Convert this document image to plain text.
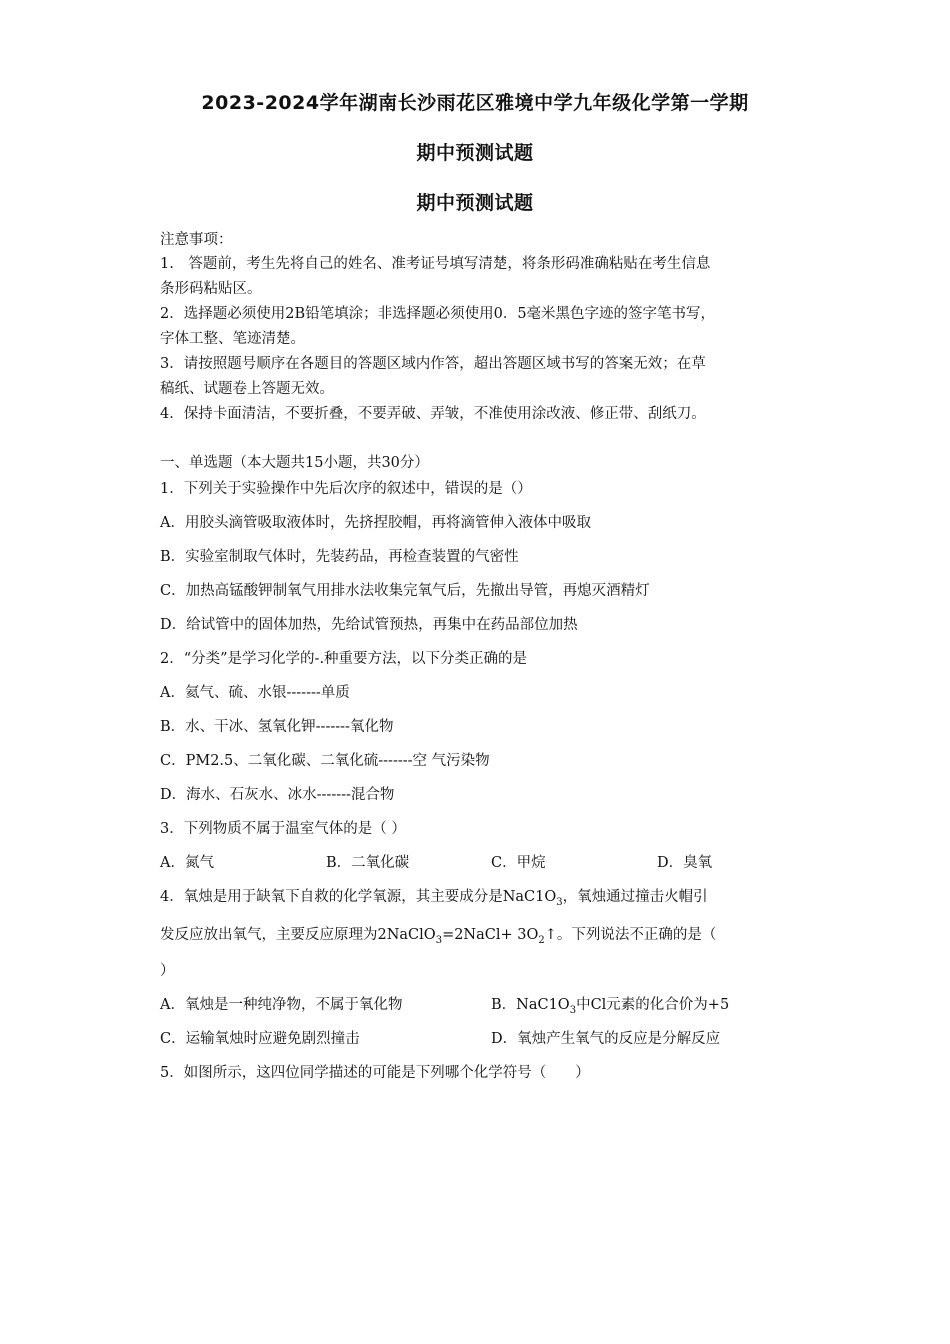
2023-2024学年湖南长沙雨花区雅境中学九年级化学第一学期
期中预测试题
期中预测试题
注意事项：
1.　答题前，考生先将自己的姓名、准考证号填写清楚，将条形码准确粘贴在考生信息
条形码粘贴区。
2．选择题必须使用2B铅笔填涂；非选择题必须使用0．5毫米黑色字迹的签字笔书写，
字体工整、笔迹清楚。
3．请按照题号顺序在各题目的答题区域内作答，超出答题区域书写的答案无效；在草
稿纸、试题卷上答题无效。
4．保持卡面清洁，不要折叠，不要弄破、弄皱，不准使用涂改液、修正带、刮纸刀。
一、单选题（本大题共15小题，共30分）
1．下列关于实验操作中先后次序的叙述中，错误的是（）
A．用胶头滴管吸取液体时，先挤捏胶帽，再将滴管伸入液体中吸取
B．实验室制取气体时，先装药品，再检查装置的气密性
C．加热高锰酸钾制氧气用排水法收集完氧气后，先撤出导管，再熄灭酒精灯
D．给试管中的固体加热，先给试管预热，再集中在药品部位加热
2．“分类”是学习化学的-.种重要方法，以下分类正确的是
A．氦气、硫、水银-------单质
B．水、干冰、氢氧化钾-------氧化物
C．PM2.5、二氧化碳、二氧化硫-------空 气污染物
D．海水、石灰水、冰水-------混合物
3．下列物质不属于温室气体的是（ ）
A．氮气	B．二氧化碳	C．甲烷	D．臭氧
4．氧烛是用于缺氧下自救的化学氧源，其主要成分是$NaC1O_3$，氧烛通过撞击火帽引
发反应放出氧气，主要反应原理为2NaClO$_3$=2NaCl+ $3O_2↑$。下列说法不正确的是（
）
A．氧烛是一种纯净物，不属于氧化物	B．$NaC1O_3$中Cl元素的化合价为+5
C．运输氧烛时应避免剧烈撞击	D．氧烛产生氧气的反应是分解反应
5．如图所示，这四位同学描述的可能是下列哪个化学符号（　　）
